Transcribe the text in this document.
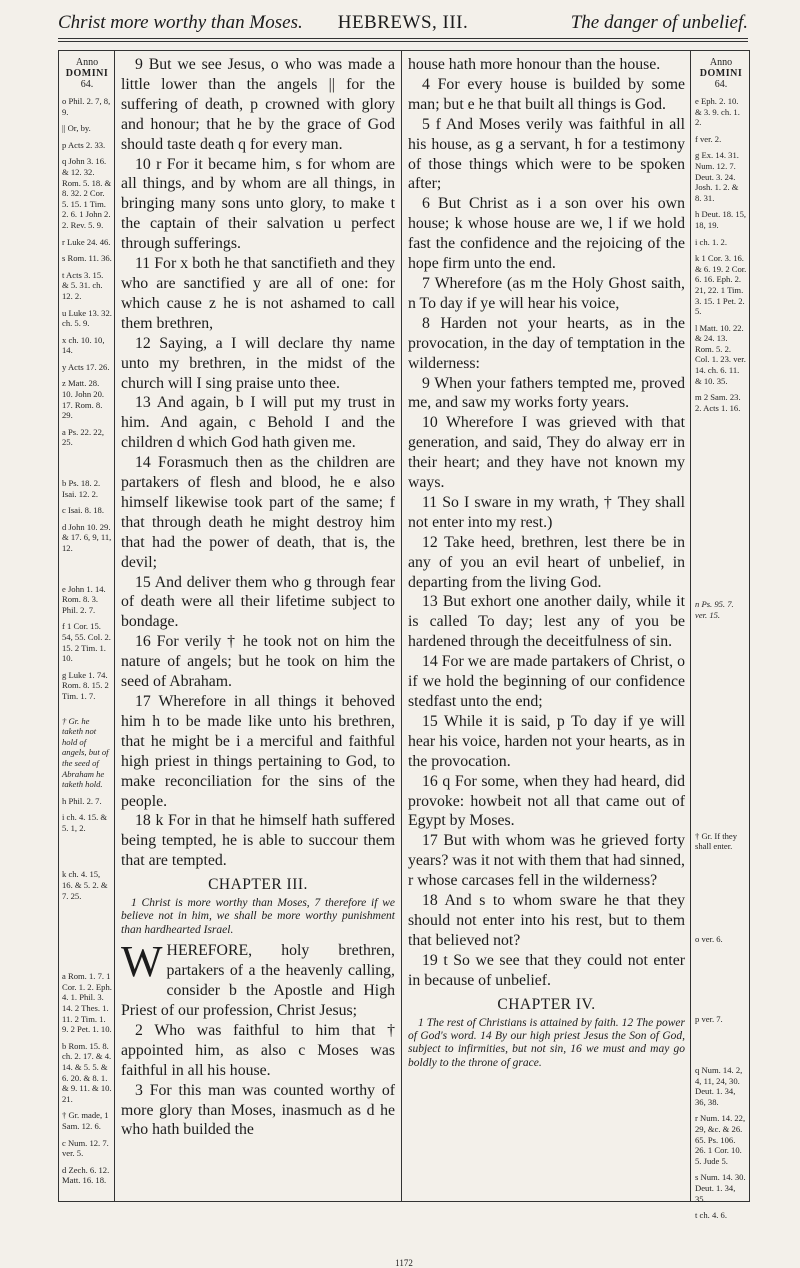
Christ more worthy than Moses.	HEBREWS, III.	The danger of unbelief.
Anno
DOMINI
64.
o Phil. 2. 7, 8, 9.
|| Or, by.
p Acts 2. 33.
q John 3. 16. & 12. 32. Rom. 5. 18. & 8. 32. 2 Cor. 5. 15. 1 Tim. 2. 6. 1 John 2. 2. Rev. 5. 9.
r Luke 24. 46.
s Rom. 11. 36.
t Acts 3. 15. & 5. 31. ch. 12. 2.
u Luke 13. 32. ch. 5. 9.
x ch. 10. 10, 14.
y Acts 17. 26.
z Matt. 28. 10. John 20. 17. Rom. 8. 29.
a Ps. 22. 22, 25.
b Ps. 18. 2. Isai. 12. 2.
c Isai. 8. 18.
d John 10. 29. & 17. 6, 9, 11, 12.
e John 1. 14. Rom. 8. 3. Phil. 2. 7.
f 1 Cor. 15. 54, 55. Col. 2. 15. 2 Tim. 1. 10.
g Luke 1. 74. Rom. 8. 15. 2 Tim. 1. 7.
† Gr. he taketh not hold of angels, but of the seed of Abraham he taketh hold.
h Phil. 2. 7.
i ch. 4. 15. & 5. 1, 2.
k ch. 4. 15, 16. & 5. 2. & 7. 25.
a Rom. 1. 7. 1 Cor. 1. 2. Eph. 4. 1. Phil. 3. 14. 2 Thes. 1. 11. 2 Tim. 1. 9. 2 Pet. 1. 10.
b Rom. 15. 8. ch. 2. 17. & 4. 14. & 5. 5. & 6. 20. & 8. 1. & 9. 11. & 10. 21.
† Gr. made, 1 Sam. 12. 6.
c Num. 12. 7. ver. 5.
d Zech. 6. 12. Matt. 16. 18.

9 But we see Jesus, o who was made a little lower than the angels || for the suffering of death, p crowned with glory and honour; that he by the grace of God should taste death q for every man.

10 r For it became him, s for whom are all things, and by whom are all things, in bringing many sons unto glory, to make t the captain of their salvation u perfect through sufferings.

11 For x both he that sanctifieth and they who are sanctified y are all of one: for which cause z he is not ashamed to call them brethren,

12 Saying, a I will declare thy name unto my brethren, in the midst of the church will I sing praise unto thee.

13 And again, b I will put my trust in him. And again, c Behold I and the children d which God hath given me.

14 Forasmuch then as the children are partakers of flesh and blood, he e also himself likewise took part of the same; f that through death he might destroy him that had the power of death, that is, the devil;

15 And deliver them who g through fear of death were all their lifetime subject to bondage.

16 For verily † he took not on him the nature of angels; but he took on him the seed of Abraham.

17 Wherefore in all things it behoved him h to be made like unto his brethren, that he might be i a merciful and faithful high priest in things pertaining to God, to make reconciliation for the sins of the people.

18 k For in that he himself hath suffered being tempted, he is able to succour them that are tempted.

CHAPTER III.

1 Christ is more worthy than Moses, 7 therefore if we believe not in him, we shall be more worthy punishment than hardhearted Israel.

WHEREFORE, holy brethren, partakers of a the heavenly calling, consider b the Apostle and High Priest of our profession, Christ Jesus;

2 Who was faithful to him that † appointed him, as also c Moses was faithful in all his house.

3 For this man was counted worthy of more glory than Moses, inasmuch as d he who hath builded the

house hath more honour than the house.

4 For every house is builded by some man; but e he that built all things is God.

5 f And Moses verily was faithful in all his house, as g a servant, h for a testimony of those things which were to be spoken after;

6 But Christ as i a son over his own house; k whose house are we, l if we hold fast the confidence and the rejoicing of the hope firm unto the end.

7 Wherefore (as m the Holy Ghost saith, n To day if ye will hear his voice,

8 Harden not your hearts, as in the provocation, in the day of temptation in the wilderness:

9 When your fathers tempted me, proved me, and saw my works forty years.

10 Wherefore I was grieved with that generation, and said, They do alway err in their heart; and they have not known my ways.

11 So I sware in my wrath, † They shall not enter into my rest.)

12 Take heed, brethren, lest there be in any of you an evil heart of unbelief, in departing from the living God.

13 But exhort one another daily, while it is called To day; lest any of you be hardened through the deceitfulness of sin.

14 For we are made partakers of Christ, o if we hold the beginning of our confidence stedfast unto the end;

15 While it is said, p To day if ye will hear his voice, harden not your hearts, as in the provocation.

16 q For some, when they had heard, did provoke: howbeit not all that came out of Egypt by Moses.

17 But with whom was he grieved forty years? was it not with them that had sinned, r whose carcases fell in the wilderness?

18 And s to whom sware he that they should not enter into his rest, but to them that believed not?

19 t So we see that they could not enter in because of unbelief.

CHAPTER IV.

1 The rest of Christians is attained by faith. 12 The power of God's word. 14 By our high priest Jesus the Son of God, subject to infirmities, but not sin, 16 we must and may go boldly to the throne of grace.

Anno
DOMINI
64.
e Eph. 2. 10. & 3. 9. ch. 1. 2.
f ver. 2.
g Ex. 14. 31. Num. 12. 7. Deut. 3. 24. Josh. 1. 2. & 8. 31.
h Deut. 18. 15, 18, 19.
i ch. 1. 2.
k 1 Cor. 3. 16. & 6. 19. 2 Cor. 6. 16. Eph. 2. 21, 22. 1 Tim. 3. 15. 1 Pet. 2. 5.
l Matt. 10. 22. & 24. 13. Rom. 5. 2. Col. 1. 23. ver. 14. ch. 6. 11. & 10. 35.
m 2 Sam. 23. 2. Acts 1. 16.
n Ps. 95. 7. ver. 15.
† Gr. If they shall enter.
o ver. 6.
p ver. 7.
q Num. 14. 2, 4, 11, 24, 30. Deut. 1. 34, 36, 38.
r Num. 14. 22, 29, &c. & 26. 65. Ps. 106. 26. 1 Cor. 10. 5. Jude 5.
s Num. 14. 30. Deut. 1. 34, 35.
t ch. 4. 6.
1172
